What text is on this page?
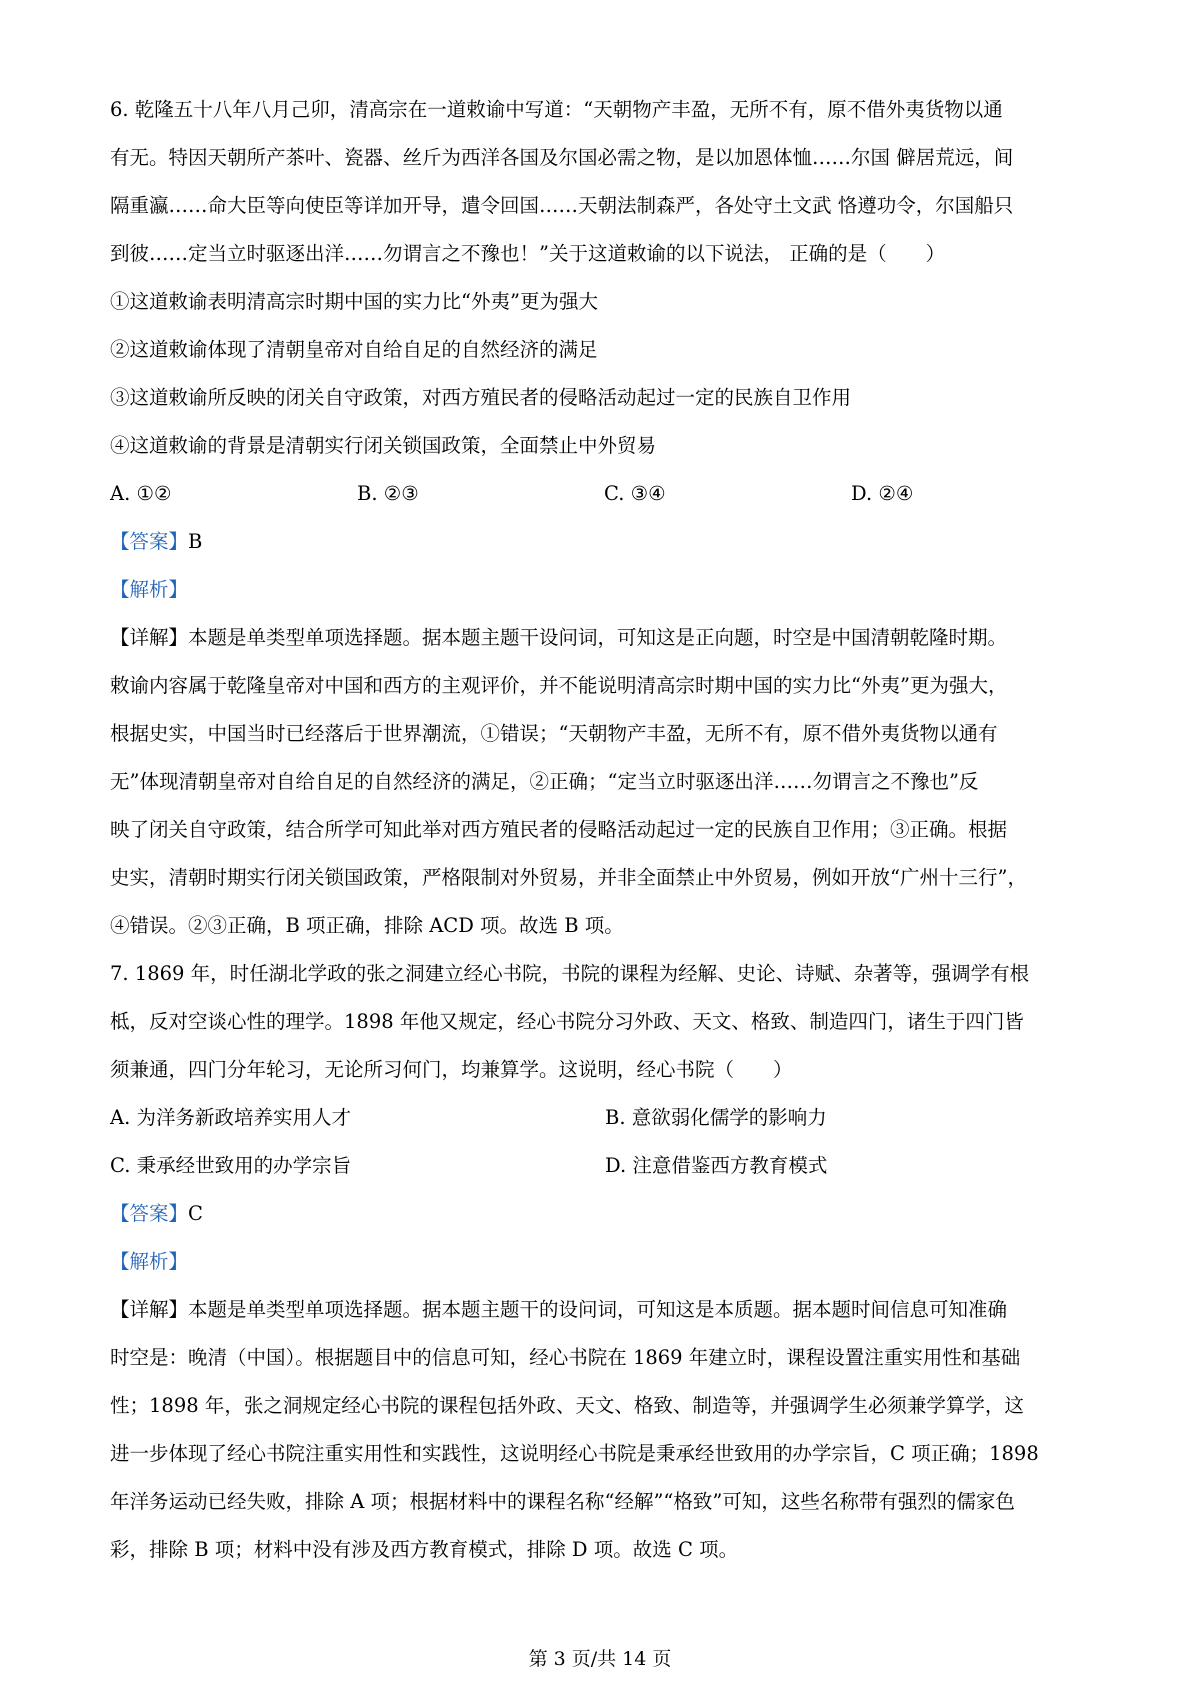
6. 乾隆五十八年八月己卯，清高宗在一道敕谕中写道：“天朝物产丰盈，无所不有，原不借外夷货物以通
有无。特因天朝所产茶叶、瓷器、丝斤为西洋各国及尔国必需之物，是以加恩体恤……尔国 僻居荒远，间
隔重瀛……命大臣等向使臣等详加开导，遣令回国……天朝法制森严，各处守土文武 恪遵功令，尔国船只
到彼……定当立时驱逐出洋……勿谓言之不豫也！”关于这道敕谕的以下说法， 正确的是（　　）
①这道敕谕表明清高宗时期中国的实力比“外夷”更为强大
②这道敕谕体现了清朝皇帝对自给自足的自然经济的满足
③这道敕谕所反映的闭关自守政策，对西方殖民者的侵略活动起过一定的民族自卫作用
④这道敕谕的背景是清朝实行闭关锁国政策，全面禁止中外贸易
A. ①②	B. ②③	C. ③④	D. ②④
【答案】B
【解析】
【详解】本题是单类型单项选择题。据本题主题干设问词，可知这是正向题，时空是中国清朝乾隆时期。
敕谕内容属于乾隆皇帝对中国和西方的主观评价，并不能说明清高宗时期中国的实力比“外夷”更为强大，
根据史实，中国当时已经落后于世界潮流，①错误；“天朝物产丰盈，无所不有，原不借外夷货物以通有
无”体现清朝皇帝对自给自足的自然经济的满足，②正确；“定当立时驱逐出洋……勿谓言之不豫也”反
映了闭关自守政策，结合所学可知此举对西方殖民者的侵略活动起过一定的民族自卫作用；③正确。根据
史实，清朝时期实行闭关锁国政策，严格限制对外贸易，并非全面禁止中外贸易，例如开放“广州十三行”，
④错误。②③正确，B 项正确，排除 ACD 项。故选 B 项。
7. 1869 年，时任湖北学政的张之洞建立经心书院，书院的课程为经解、史论、诗赋、杂著等，强调学有根
柢，反对空谈心性的理学。1898 年他又规定，经心书院分习外政、天文、格致、制造四门，诸生于四门皆
须兼通，四门分年轮习，无论所习何门，均兼算学。这说明，经心书院（　　）
A. 为洋务新政培养实用人才	B. 意欲弱化儒学的影响力
C. 秉承经世致用的办学宗旨	D. 注意借鉴西方教育模式
【答案】C
【解析】
【详解】本题是单类型单项选择题。据本题主题干的设问词，可知这是本质题。据本题时间信息可知准确
时空是：晚清（中国）。根据题目中的信息可知，经心书院在 1869 年建立时，课程设置注重实用性和基础
性；1898 年，张之洞规定经心书院的课程包括外政、天文、格致、制造等，并强调学生必须兼学算学，这
进一步体现了经心书院注重实用性和实践性，这说明经心书院是秉承经世致用的办学宗旨，C 项正确；1898
年洋务运动已经失败，排除 A 项；根据材料中的课程名称“经解”“格致”可知，这些名称带有强烈的儒家色
彩，排除 B 项；材料中没有涉及西方教育模式，排除 D 项。故选 C 项。
第 3 页/共 14 页
